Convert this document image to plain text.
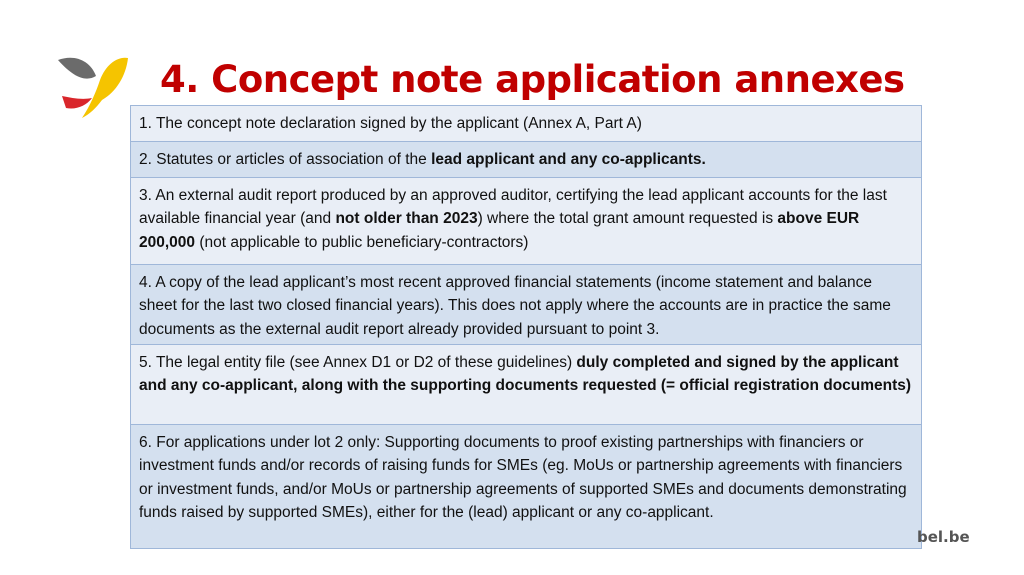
4. Concept note application annexes
1. The concept note declaration signed by the applicant (Annex A, Part A)
2. Statutes or articles of association of the lead applicant and any co-applicants.
3. An external audit report produced by an approved auditor, certifying the lead applicant accounts for the last available financial year (and not older than 2023) where the total grant amount requested is above EUR 200,000 (not applicable to public beneficiary-contractors)
4. A copy of the lead applicant’s most recent approved financial statements (income statement and balance sheet for the last two closed financial years). This does not apply where the accounts are in practice the same documents as the external audit report already provided pursuant to point 3.
5. The legal entity file (see Annex D1 or D2 of these guidelines) duly completed and signed by the applicant and any co-applicant, along with the supporting documents requested (= official registration documents)
6. For applications under lot 2 only: Supporting documents to proof existing partnerships with financiers or investment funds and/or records of raising funds for SMEs (eg. MoUs or partnership agreements with financiers or investment funds, and/or MoUs or partnership agreements of supported SMEs and documents demonstrating funds raised by supported SMEs), either for the (lead) applicant or any co-applicant.
bel.be
